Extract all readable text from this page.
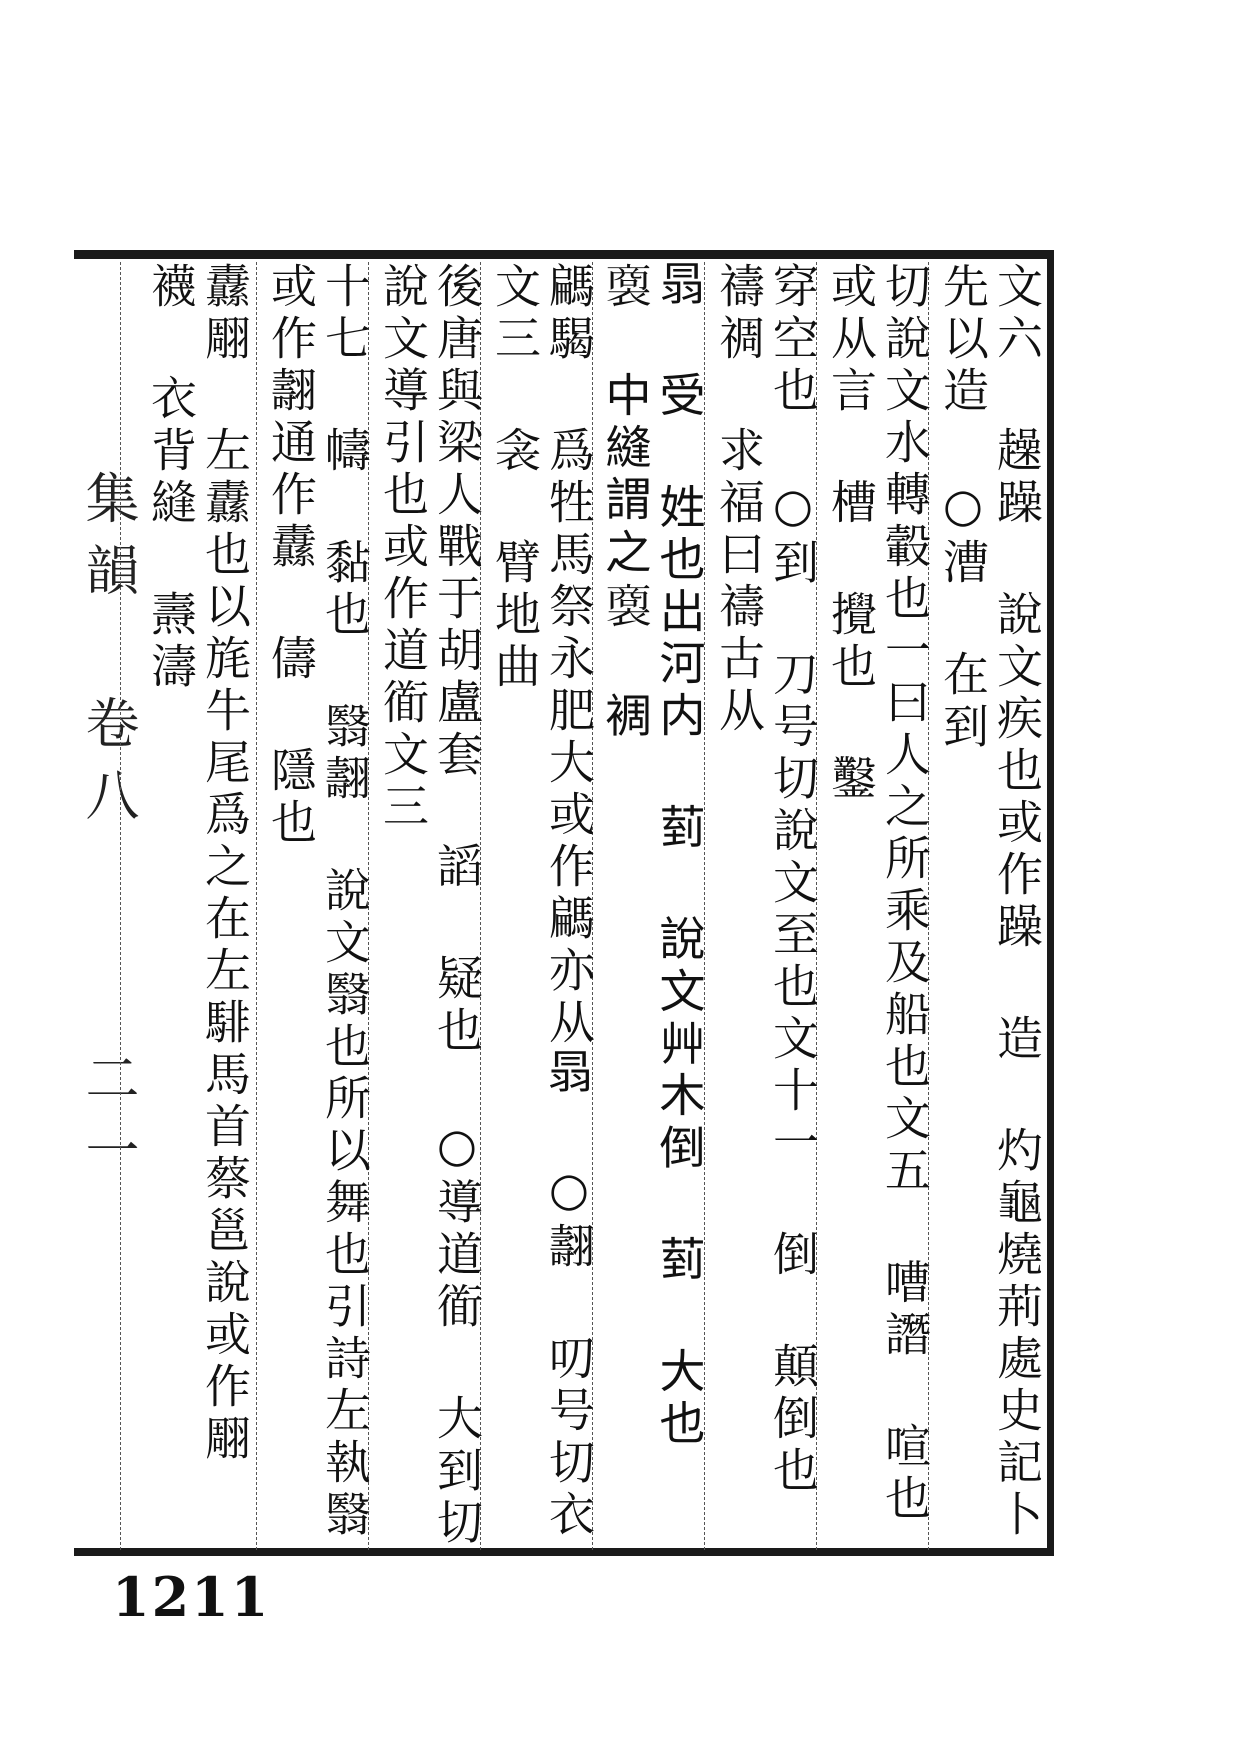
集韻 卷八
二一	文六 趮躁 說文疾也或作躁 造 灼龜燒荊處史記卜先以造 ○漕 在到
切說文水轉轂也一曰人之所乘及船也文五 嘈譖 喧也或从言 槽 攪也 鑿
穿空也 ○到 刀号切說文至也文十一 倒 顛倒也 禱禂 求福曰禱古从
𦐇 受 姓也出河内 菿 說文艸木倒 菿 大也 𧜟 中縫謂之𧜟 裯
騗騔 爲牲馬祭永肥大或作騗亦从𦐇 ○翿 叨号切衣文三 衾 臂地曲
後唐與梁人戰于胡盧套 謟 疑也 ○導道衜 大到切說文導引也或作道衜文三
十七 幬 黏也 翳翿 說文翳也所以舞也引詩左執翳或作翿通作纛 儔 隱也
纛翢 左纛也以旄牛尾爲之在左騑馬首蔡邕說或作翢 襪 衣背縫 燾濤
1211
